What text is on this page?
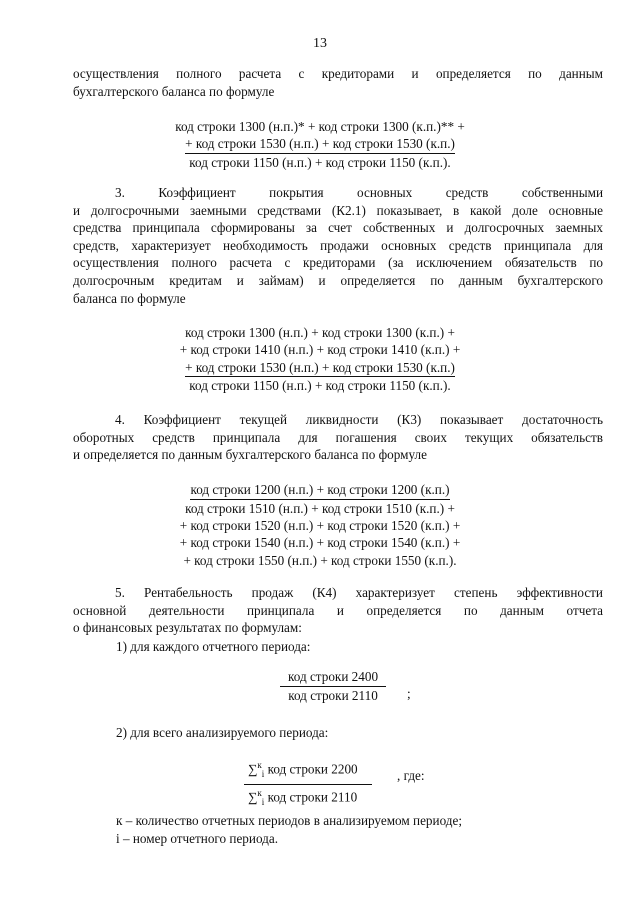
13
осуществления полного расчета с кредиторами и определяется по данным
бухгалтерского баланса по формуле
код строки 1300 (н.п.)* + код строки 1300 (к.п.)** +
+ код строки 1530 (н.п.) + код строки 1530 (к.п.)
код строки 1150 (н.п.) + код строки 1150 (к.п.).
3. Коэффициент покрытия основных средств собственными
и долгосрочными заемными средствами (К2.1) показывает, в какой доле основные
средства принципала сформированы за счет собственных и долгосрочных заемных
средств, характеризует необходимость продажи основных средств принципала для
осуществления полного расчета с кредиторами (за исключением обязательств по
долгосрочным кредитам и займам) и определяется по данным бухгалтерского
баланса по формуле
код строки 1300 (н.п.) + код строки 1300 (к.п.) +
+ код строки 1410 (н.п.) + код строки 1410 (к.п.) +
+ код строки 1530 (н.п.) + код строки 1530 (к.п.)
код строки 1150 (н.п.) + код строки 1150 (к.п.).
4. Коэффициент текущей ликвидности (К3) показывает достаточность
оборотных средств принципала для погашения своих текущих обязательств
и определяется по данным бухгалтерского баланса по формуле
код строки 1200 (н.п.) + код строки 1200 (к.п.)
код строки 1510 (н.п.) + код строки 1510 (к.п.) +
+ код строки 1520 (н.п.) + код строки 1520 (к.п.) +
+ код строки 1540 (н.п.) + код строки 1540 (к.п.) +
+ код строки 1550 (н.п.) + код строки 1550 (к.п.).
5. Рентабельность продаж (К4) характеризует степень эффективности
основной деятельности принципала и определяется по данным отчета
о финансовых результатах по формулам:
1) для каждого отчетного периода:
код строки 2400
код строки 2110	;
2) для всего анализируемого периода:
∑$^к_i$ код строки 2200
∑$^к_i$ код строки 2110
, где:
к – количество отчетных периодов в анализируемом периоде;
i – номер отчетного периода.
